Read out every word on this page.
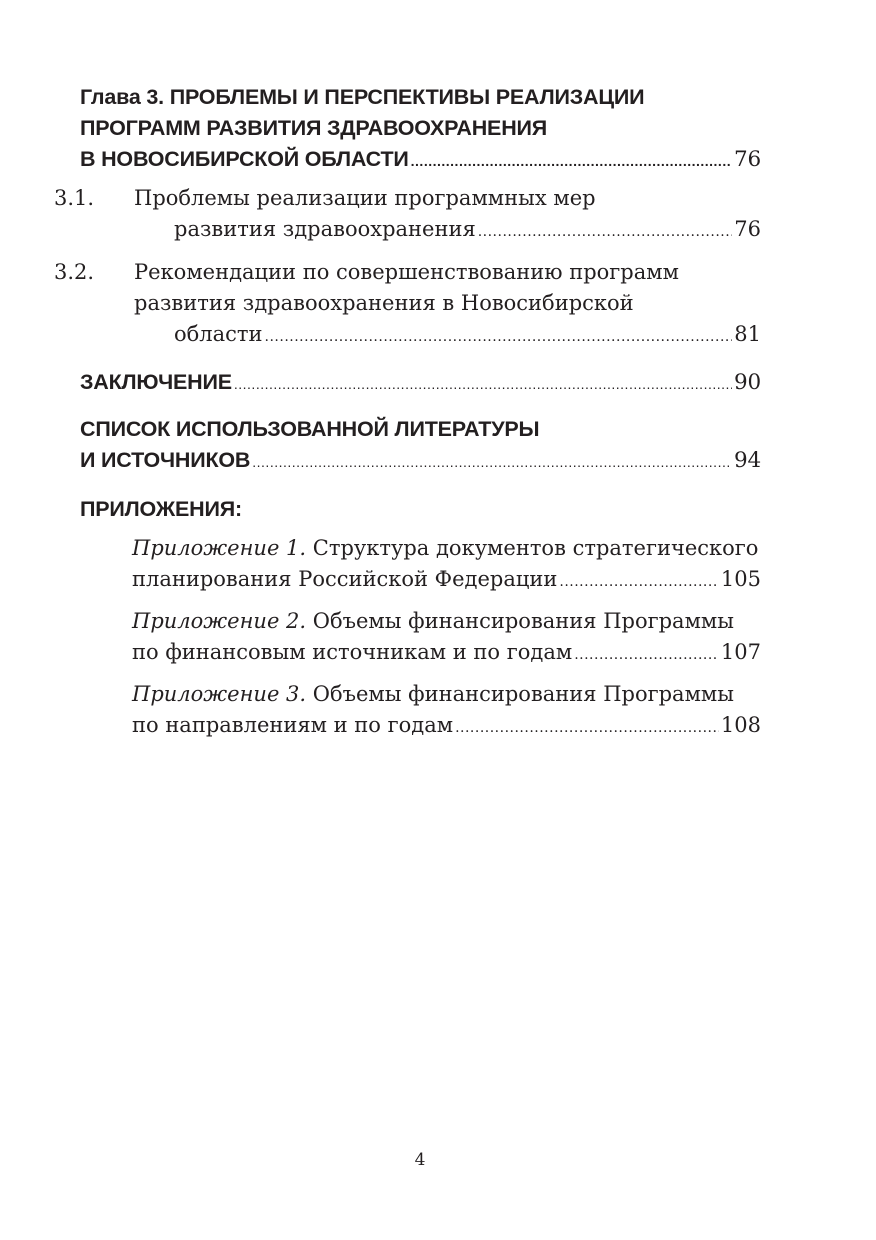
Глава 3. ПРОБЛЕМЫ И ПЕРСПЕКТИВЫ РЕАЛИЗАЦИИ
ПРОГРАММ РАЗВИТИЯ ЗДРАВООХРАНЕНИЯ
В НОВОСИБИРСКОЙ ОБЛАСТИ .....	76
3.1. Проблемы реализации программных мер
развития здравоохранения .....	76
3.2. Рекомендации по совершенствованию программ
развития здравоохранения в Новосибирской
области .....	81
ЗАКЛЮЧЕНИЕ .....	90
СПИСОК ИСПОЛЬЗОВАННОЙ ЛИТЕРАТУРЫ
И ИСТОЧНИКОВ .....	94
ПРИЛОЖЕНИЯ:
Приложение 1. Структура документов стратегического
планирования Российской Федерации .....	105
Приложение 2. Объемы финансирования Программы
по финансовым источникам и по годам .....	107
Приложение 3. Объемы финансирования Программы
по направлениям и по годам .....	108
4
